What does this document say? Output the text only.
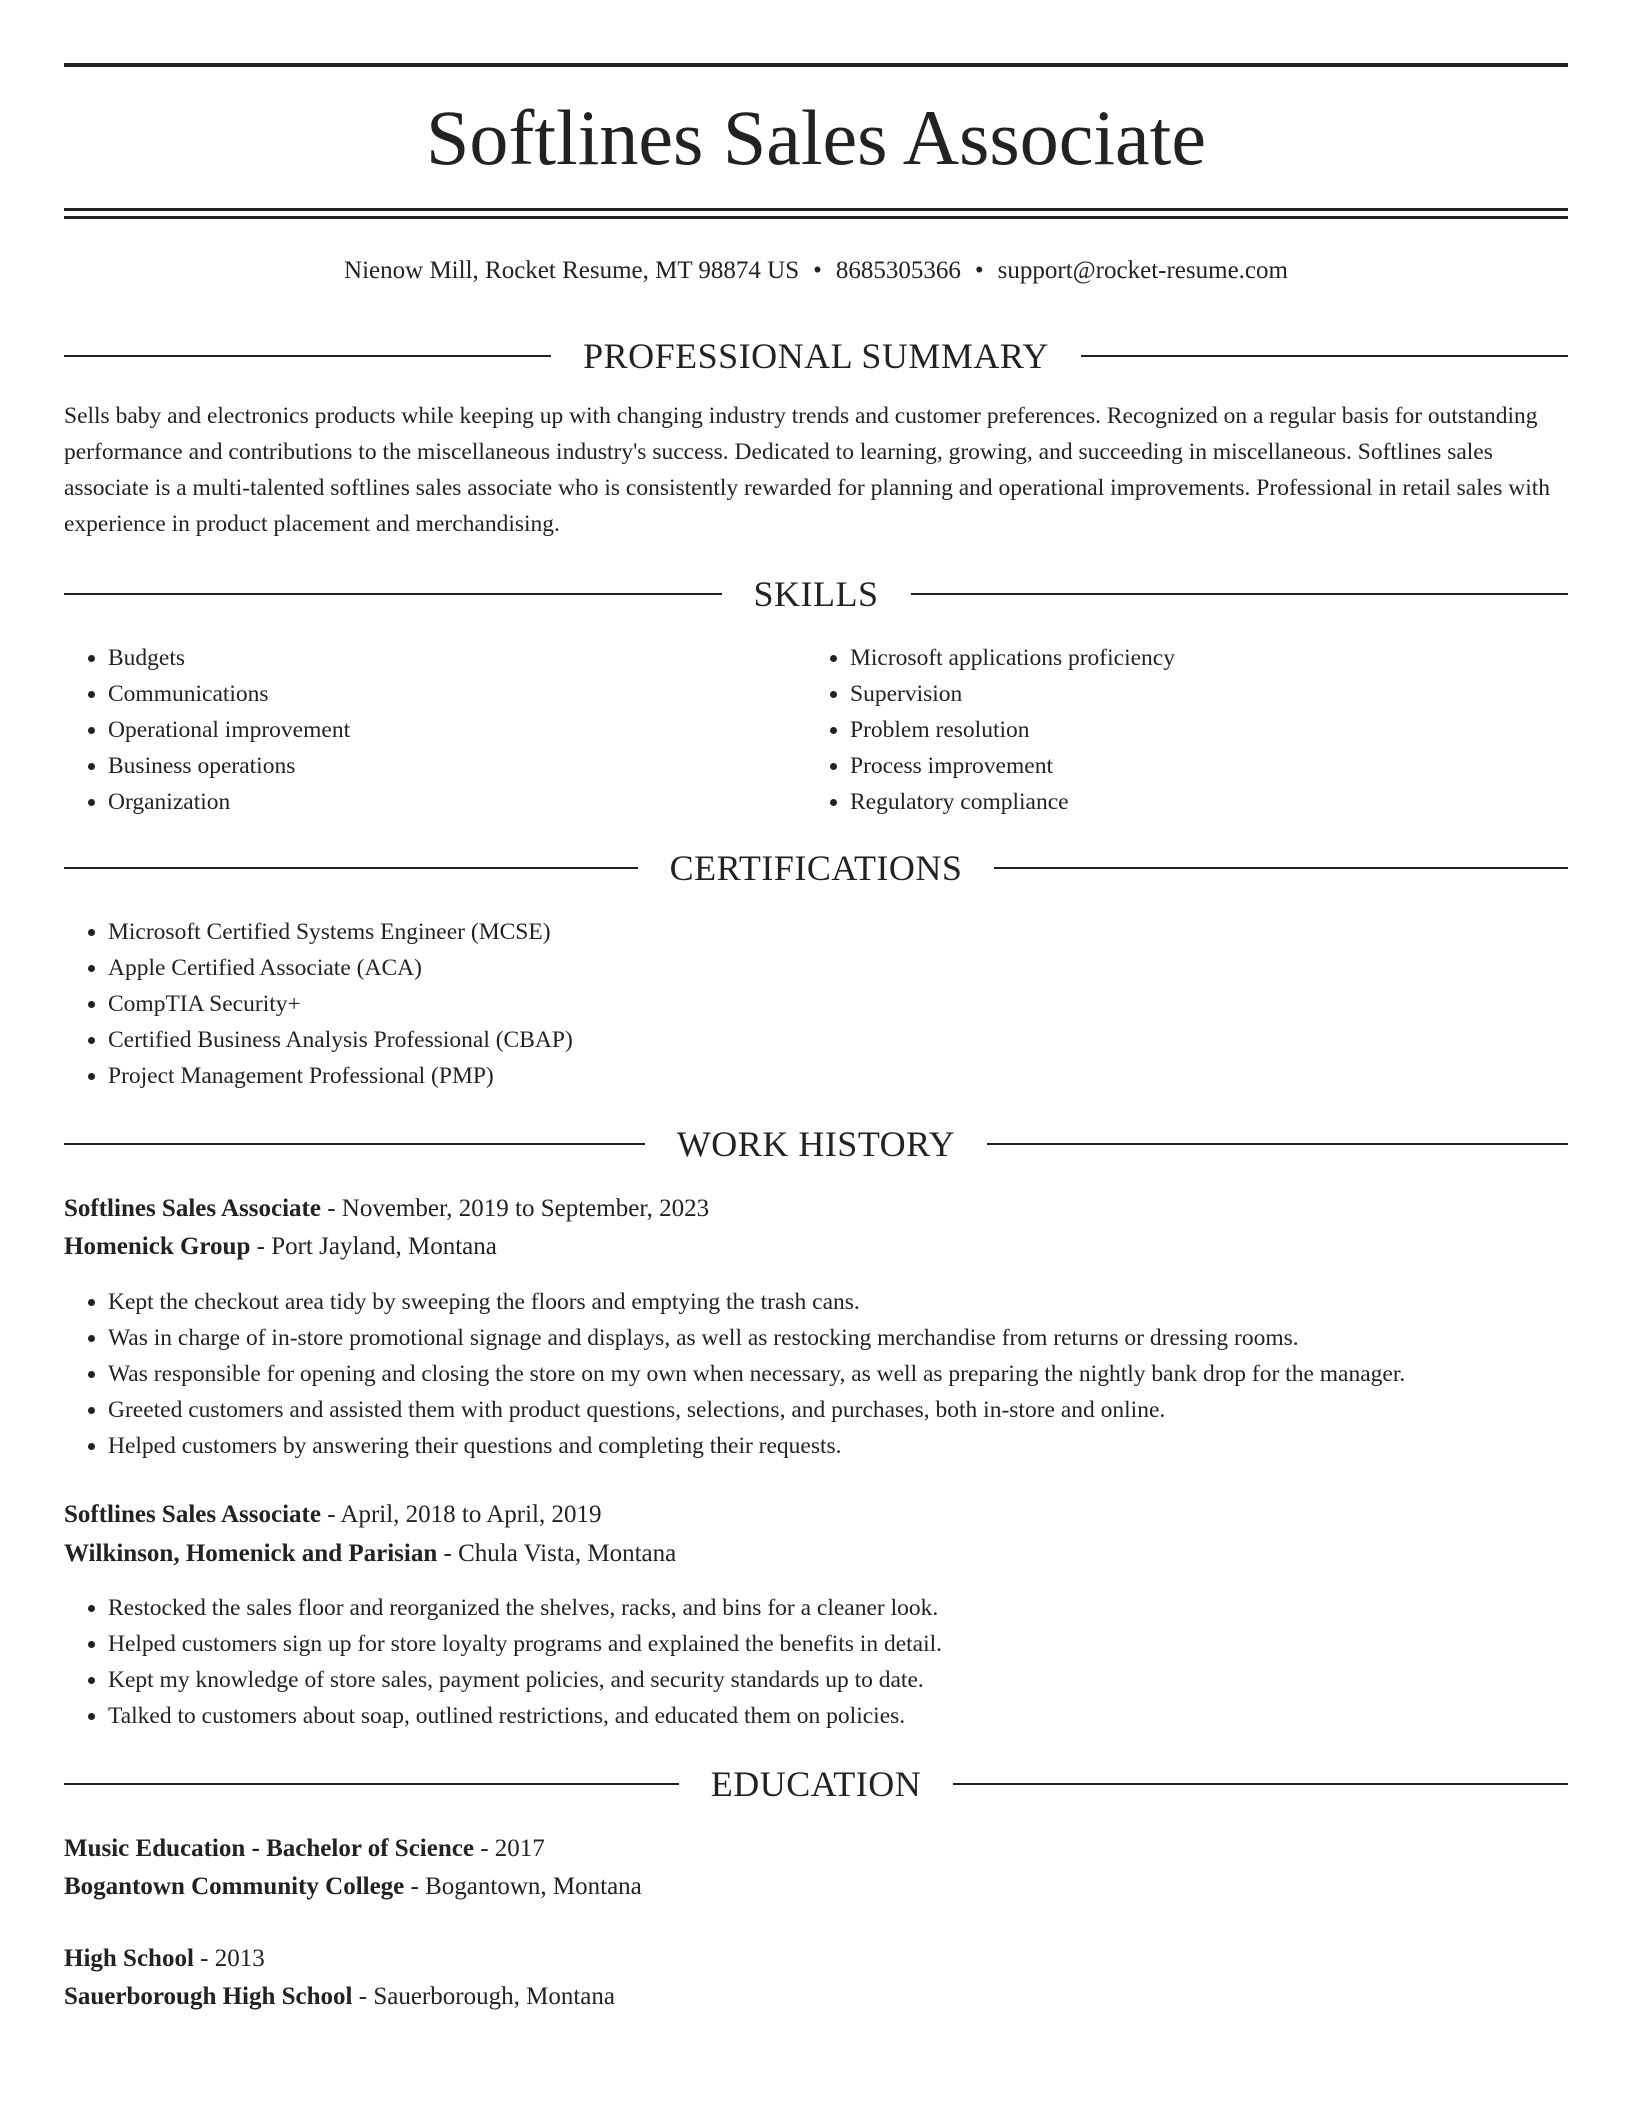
Softlines Sales Associate
Nienow Mill, Rocket Resume, MT 98874 US • 8685305366 • support@rocket-resume.com
PROFESSIONAL SUMMARY
Sells baby and electronics products while keeping up with changing industry trends and customer preferences. Recognized on a regular basis for outstanding performance and contributions to the miscellaneous industry's success. Dedicated to learning, growing, and succeeding in miscellaneous. Softlines sales associate is a multi-talented softlines sales associate who is consistently rewarded for planning and operational improvements. Professional in retail sales with experience in product placement and merchandising.
SKILLS
• Budgets
• Communications
• Operational improvement
• Business operations
• Organization
• Microsoft applications proficiency
• Supervision
• Problem resolution
• Process improvement
• Regulatory compliance
CERTIFICATIONS
• Microsoft Certified Systems Engineer (MCSE)
• Apple Certified Associate (ACA)
• CompTIA Security+
• Certified Business Analysis Professional (CBAP)
• Project Management Professional (PMP)
WORK HISTORY
Softlines Sales Associate - November, 2019 to September, 2023
Homenick Group - Port Jayland, Montana
• Kept the checkout area tidy by sweeping the floors and emptying the trash cans.
• Was in charge of in-store promotional signage and displays, as well as restocking merchandise from returns or dressing rooms.
• Was responsible for opening and closing the store on my own when necessary, as well as preparing the nightly bank drop for the manager.
• Greeted customers and assisted them with product questions, selections, and purchases, both in-store and online.
• Helped customers by answering their questions and completing their requests.
Softlines Sales Associate - April, 2018 to April, 2019
Wilkinson, Homenick and Parisian - Chula Vista, Montana
• Restocked the sales floor and reorganized the shelves, racks, and bins for a cleaner look.
• Helped customers sign up for store loyalty programs and explained the benefits in detail.
• Kept my knowledge of store sales, payment policies, and security standards up to date.
• Talked to customers about soap, outlined restrictions, and educated them on policies.
EDUCATION
Music Education - Bachelor of Science - 2017
Bogantown Community College - Bogantown, Montana
High School - 2013
Sauerborough High School - Sauerborough, Montana
